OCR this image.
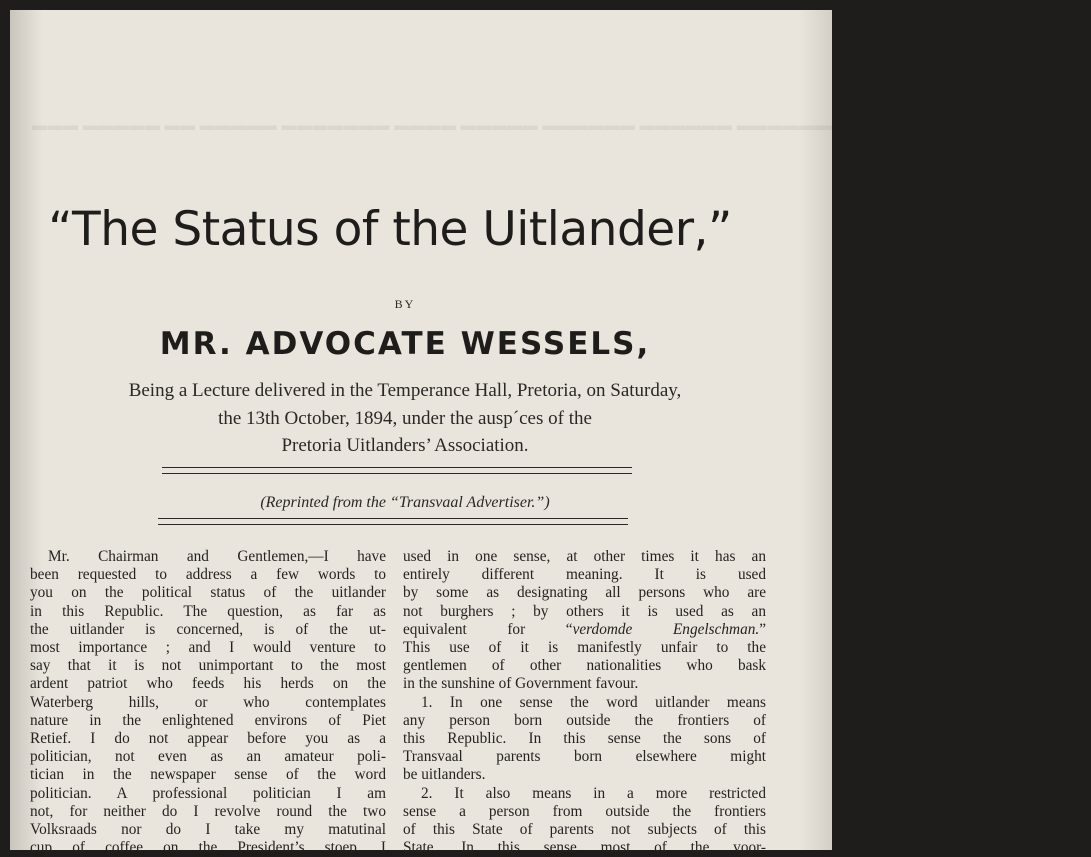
▬▬▬ ▬▬▬▬▬ ▬▬ ▬▬▬▬▬ ▬▬▬▬▬▬▬ ▬▬▬▬ ▬▬▬▬▬ ▬▬▬▬▬▬ ▬▬▬▬▬▬ ▬▬▬▬▬▬▬ ▬▬▬ ▬▬▬▬▬▬▬▬ ▬▬▬▬
“The Status of the Uitlander,”
BY
MR. ADVOCATE WESSELS,
Being a Lecture delivered in the Temperance Hall, Pretoria, on Saturday,
the 13th October, 1894, under the ausp´ces of the
Pretoria Uitlanders’ Association.
(Reprinted from the “Transvaal Advertiser.”)
Mr. Chairman and Gentlemen,—I have
been requested to address a few words to
you on the political status of the uitlander
in this Republic. The question, as far as
the uitlander is concerned, is of the ut-
most importance ; and I would venture to
say that it is not unimportant to the most
ardent patriot who feeds his herds on the
Waterberg hills, or who contemplates
nature in the enlightened environs of Piet
Retief. I do not appear before you as a
politician, not even as an amateur poli-
tician in the newspaper sense of the word
politician. A professional politician I am
not, for neither do I revolve round the two
Volksraads nor do I take my matutinal
cup of coffee on the President’s stoep. I
used in one sense, at other times it has an
entirely different meaning. It is used
by some as designating all persons who are
not burghers ; by others it is used as an
equivalent for “verdomde Engelschman.”
This use of it is manifestly unfair to the
gentlemen of other nationalities who bask
in the sunshine of Government favour.
1. In one sense the word uitlander means
any person born outside the frontiers of
this Republic. In this sense the sons of
Transvaal parents born elsewhere might
be uitlanders.
2. It also means in a more restricted
sense a person from outside the frontiers
of this State of parents not subjects of this
State. In this sense most of the voor-
